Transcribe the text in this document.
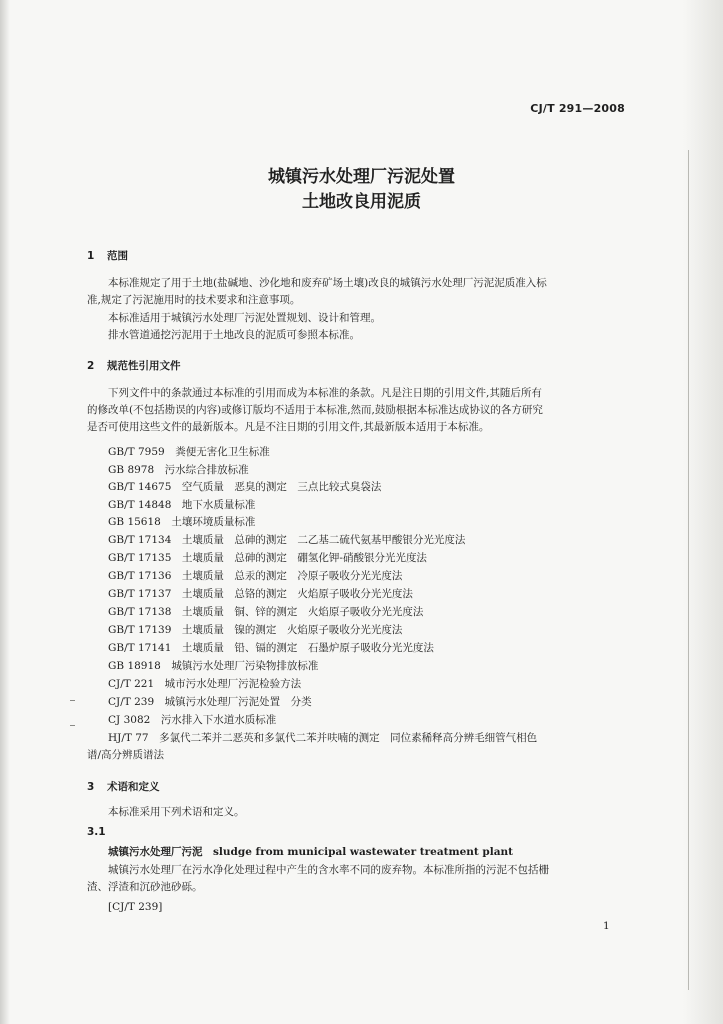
CJ/T 291—2008
城镇污水处理厂污泥处置
土地改良用泥质
1 范围
本标准规定了用于土地(盐碱地、沙化地和废弃矿场土壤)改良的城镇污水处理厂污泥泥质准入标
准,规定了污泥施用时的技术要求和注意事项。
本标准适用于城镇污水处理厂污泥处置规划、设计和管理。
排水管道通挖污泥用于土地改良的泥质可参照本标准。
2 规范性引用文件
下列文件中的条款通过本标准的引用而成为本标准的条款。凡是注日期的引用文件,其随后所有
的修改单(不包括勘误的内容)或修订版均不适用于本标准,然而,鼓励根据本标准达成协议的各方研究
是否可使用这些文件的最新版本。凡是不注日期的引用文件,其最新版本适用于本标准。
GB/T 7959　 粪便无害化卫生标准
GB 8978　 污水综合排放标准
GB/T 14675　 空气质量　恶臭的测定　三点比较式臭袋法
GB/T 14848　 地下水质量标准
GB 15618　 土壤环境质量标准
GB/T 17134　 土壤质量　总砷的测定　二乙基二硫代氨基甲酸银分光光度法
GB/T 17135　 土壤质量　总砷的测定　硼氢化钾-硝酸银分光光度法
GB/T 17136　 土壤质量　总汞的测定　冷原子吸收分光光度法
GB/T 17137　 土壤质量　总铬的测定　火焰原子吸收分光光度法
GB/T 17138　 土壤质量　铜、锌的测定　火焰原子吸收分光光度法
GB/T 17139　 土壤质量　镍的测定　火焰原子吸收分光光度法
GB/T 17141　 土壤质量　铅、镉的测定　石墨炉原子吸收分光光度法
GB 18918　 城镇污水处理厂污染物排放标准
CJ/T 221　 城市污水处理厂污泥检验方法
CJ/T 239　 城镇污水处理厂污泥处置　分类
CJ 3082　 污水排入下水道水质标准
HJ/T 77　多氯代二苯并二恶英和多氯代二苯并呋喃的测定　同位素稀释高分辨毛细管气相色
谱/高分辨质谱法
3 术语和定义
本标准采用下列术语和定义。
3.1
城镇污水处理厂污泥　 sludge from municipal wastewater treatment plant
城镇污水处理厂在污水净化处理过程中产生的含水率不同的废弃物。本标准所指的污泥不包括栅
渣、浮渣和沉砂池砂砾。
[CJ/T 239]
1
